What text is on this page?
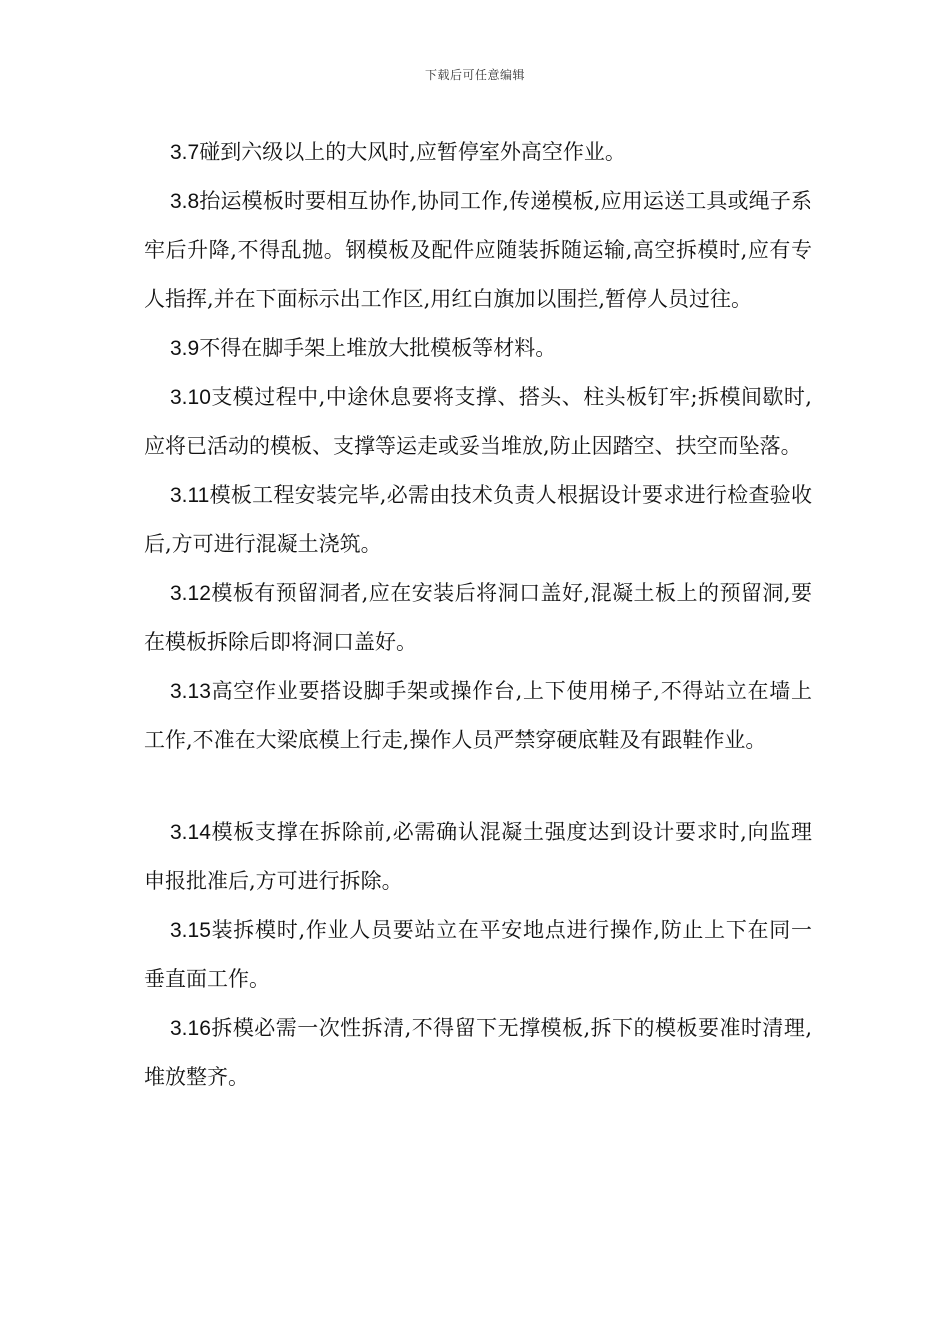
下载后可任意编辑

3.7碰到六级以上的大风时,应暂停室外高空作业。

3.8抬运模板时要相互协作,协同工作,传递模板,应用运送工具或绳子系牢后升降,不得乱抛。钢模板及配件应随装拆随运输,高空拆模时,应有专人指挥,并在下面标示出工作区,用红白旗加以围拦,暂停人员过往。

3.9不得在脚手架上堆放大批模板等材料。

3.10支模过程中,中途休息要将支撑、搭头、柱头板钉牢;拆模间歇时,应将已活动的模板、支撑等运走或妥当堆放,防止因踏空、扶空而坠落。

3.11模板工程安装完毕,必需由技术负责人根据设计要求进行检查验收后,方可进行混凝土浇筑。

3.12模板有预留洞者,应在安装后将洞口盖好,混凝土板上的预留洞,要在模板拆除后即将洞口盖好。

3.13高空作业要搭设脚手架或操作台,上下使用梯子,不得站立在墙上工作,不准在大梁底模上行走,操作人员严禁穿硬底鞋及有跟鞋作业。

3.14模板支撑在拆除前,必需确认混凝土强度达到设计要求时,向监理申报批准后,方可进行拆除。

3.15装拆模时,作业人员要站立在平安地点进行操作,防止上下在同一垂直面工作。

3.16拆模必需一次性拆清,不得留下无撑模板,拆下的模板要准时清理,堆放整齐。
